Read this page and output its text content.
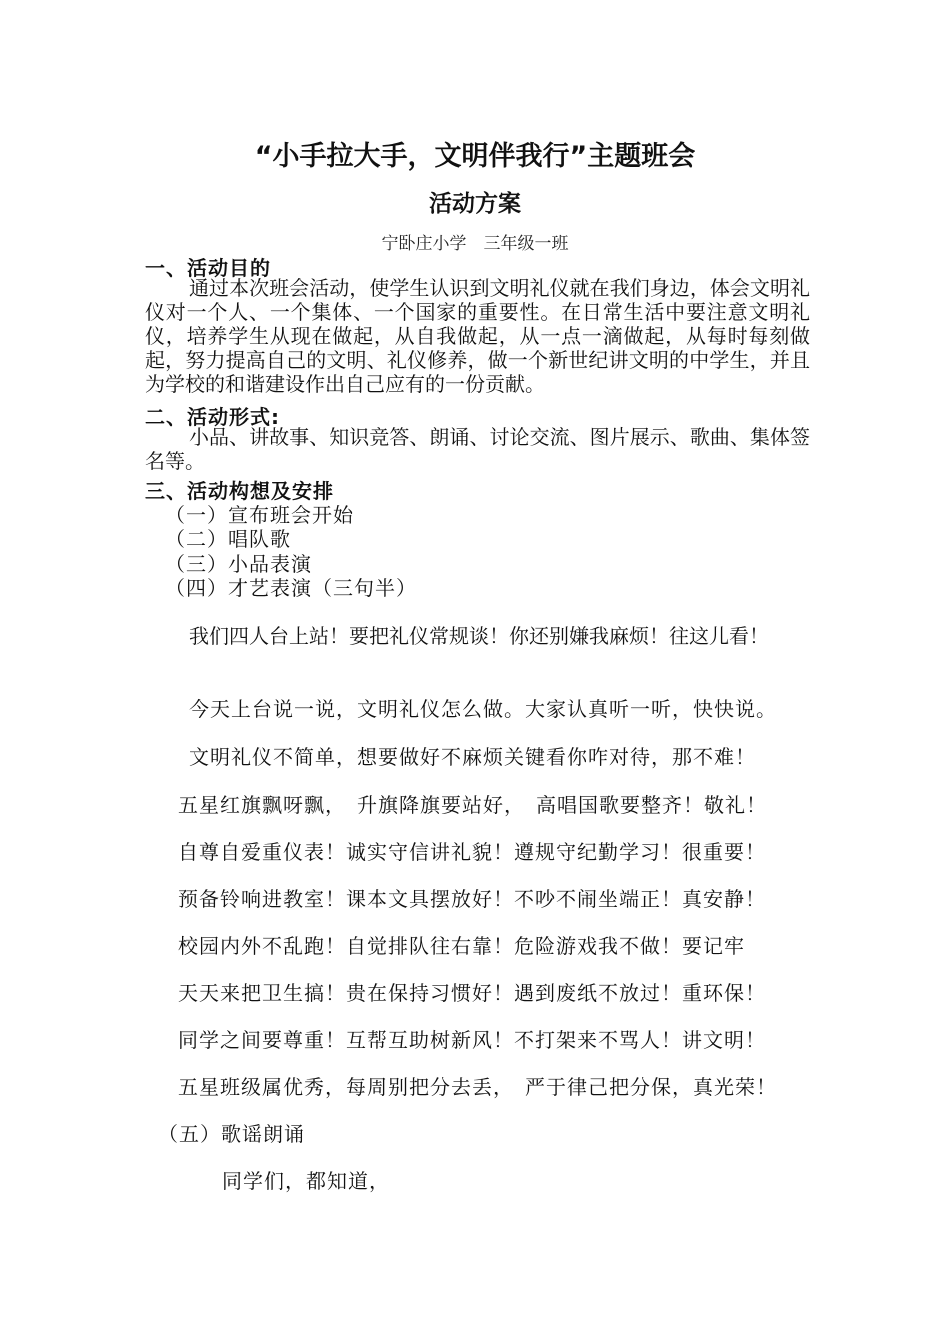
“小手拉大手，文明伴我行”主题班会
活动方案
宁卧庄小学　三年级一班
一、活动目的
通过本次班会活动，使学生认识到文明礼仪就在我们身边，体会文明礼仪对一个人、一个集体、一个国家的重要性。在日常生活中要注意文明礼仪，培养学生从现在做起，从自我做起，从一点一滴做起，从每时每刻做起，努力提高自己的文明、礼仪修养，做一个新世纪讲文明的中学生，并且为学校的和谐建设作出自己应有的一份贡献。
二、活动形式:
小品、讲故事、知识竞答、朗诵、讨论交流、图片展示、歌曲、集体签名等。
三、活动构想及安排
（一）宣布班会开始
（二）唱队歌
（三）小品表演
（四）才艺表演（三句半）
我们四人台上站！要把礼仪常规谈！你还别嫌我麻烦！往这儿看！
今天上台说一说，文明礼仪怎么做。大家认真听一听，快快说。
文明礼仪不简单，想要做好不麻烦关键看你咋对待，那不难！
五星红旗飘呀飘，　升旗降旗要站好，　高唱国歌要整齐！敬礼！
自尊自爱重仪表！诚实守信讲礼貌！遵规守纪勤学习！很重要！
预备铃响进教室！课本文具摆放好！不吵不闹坐端正！真安静！
校园内外不乱跑！自觉排队往右靠！危险游戏我不做！要记牢
天天来把卫生搞！贵在保持习惯好！遇到废纸不放过！重环保！
同学之间要尊重！互帮互助树新风！不打架来不骂人！讲文明！
五星班级属优秀，每周别把分去丢，　严于律己把分保，真光荣！
（五）歌谣朗诵
同学们，都知道，
